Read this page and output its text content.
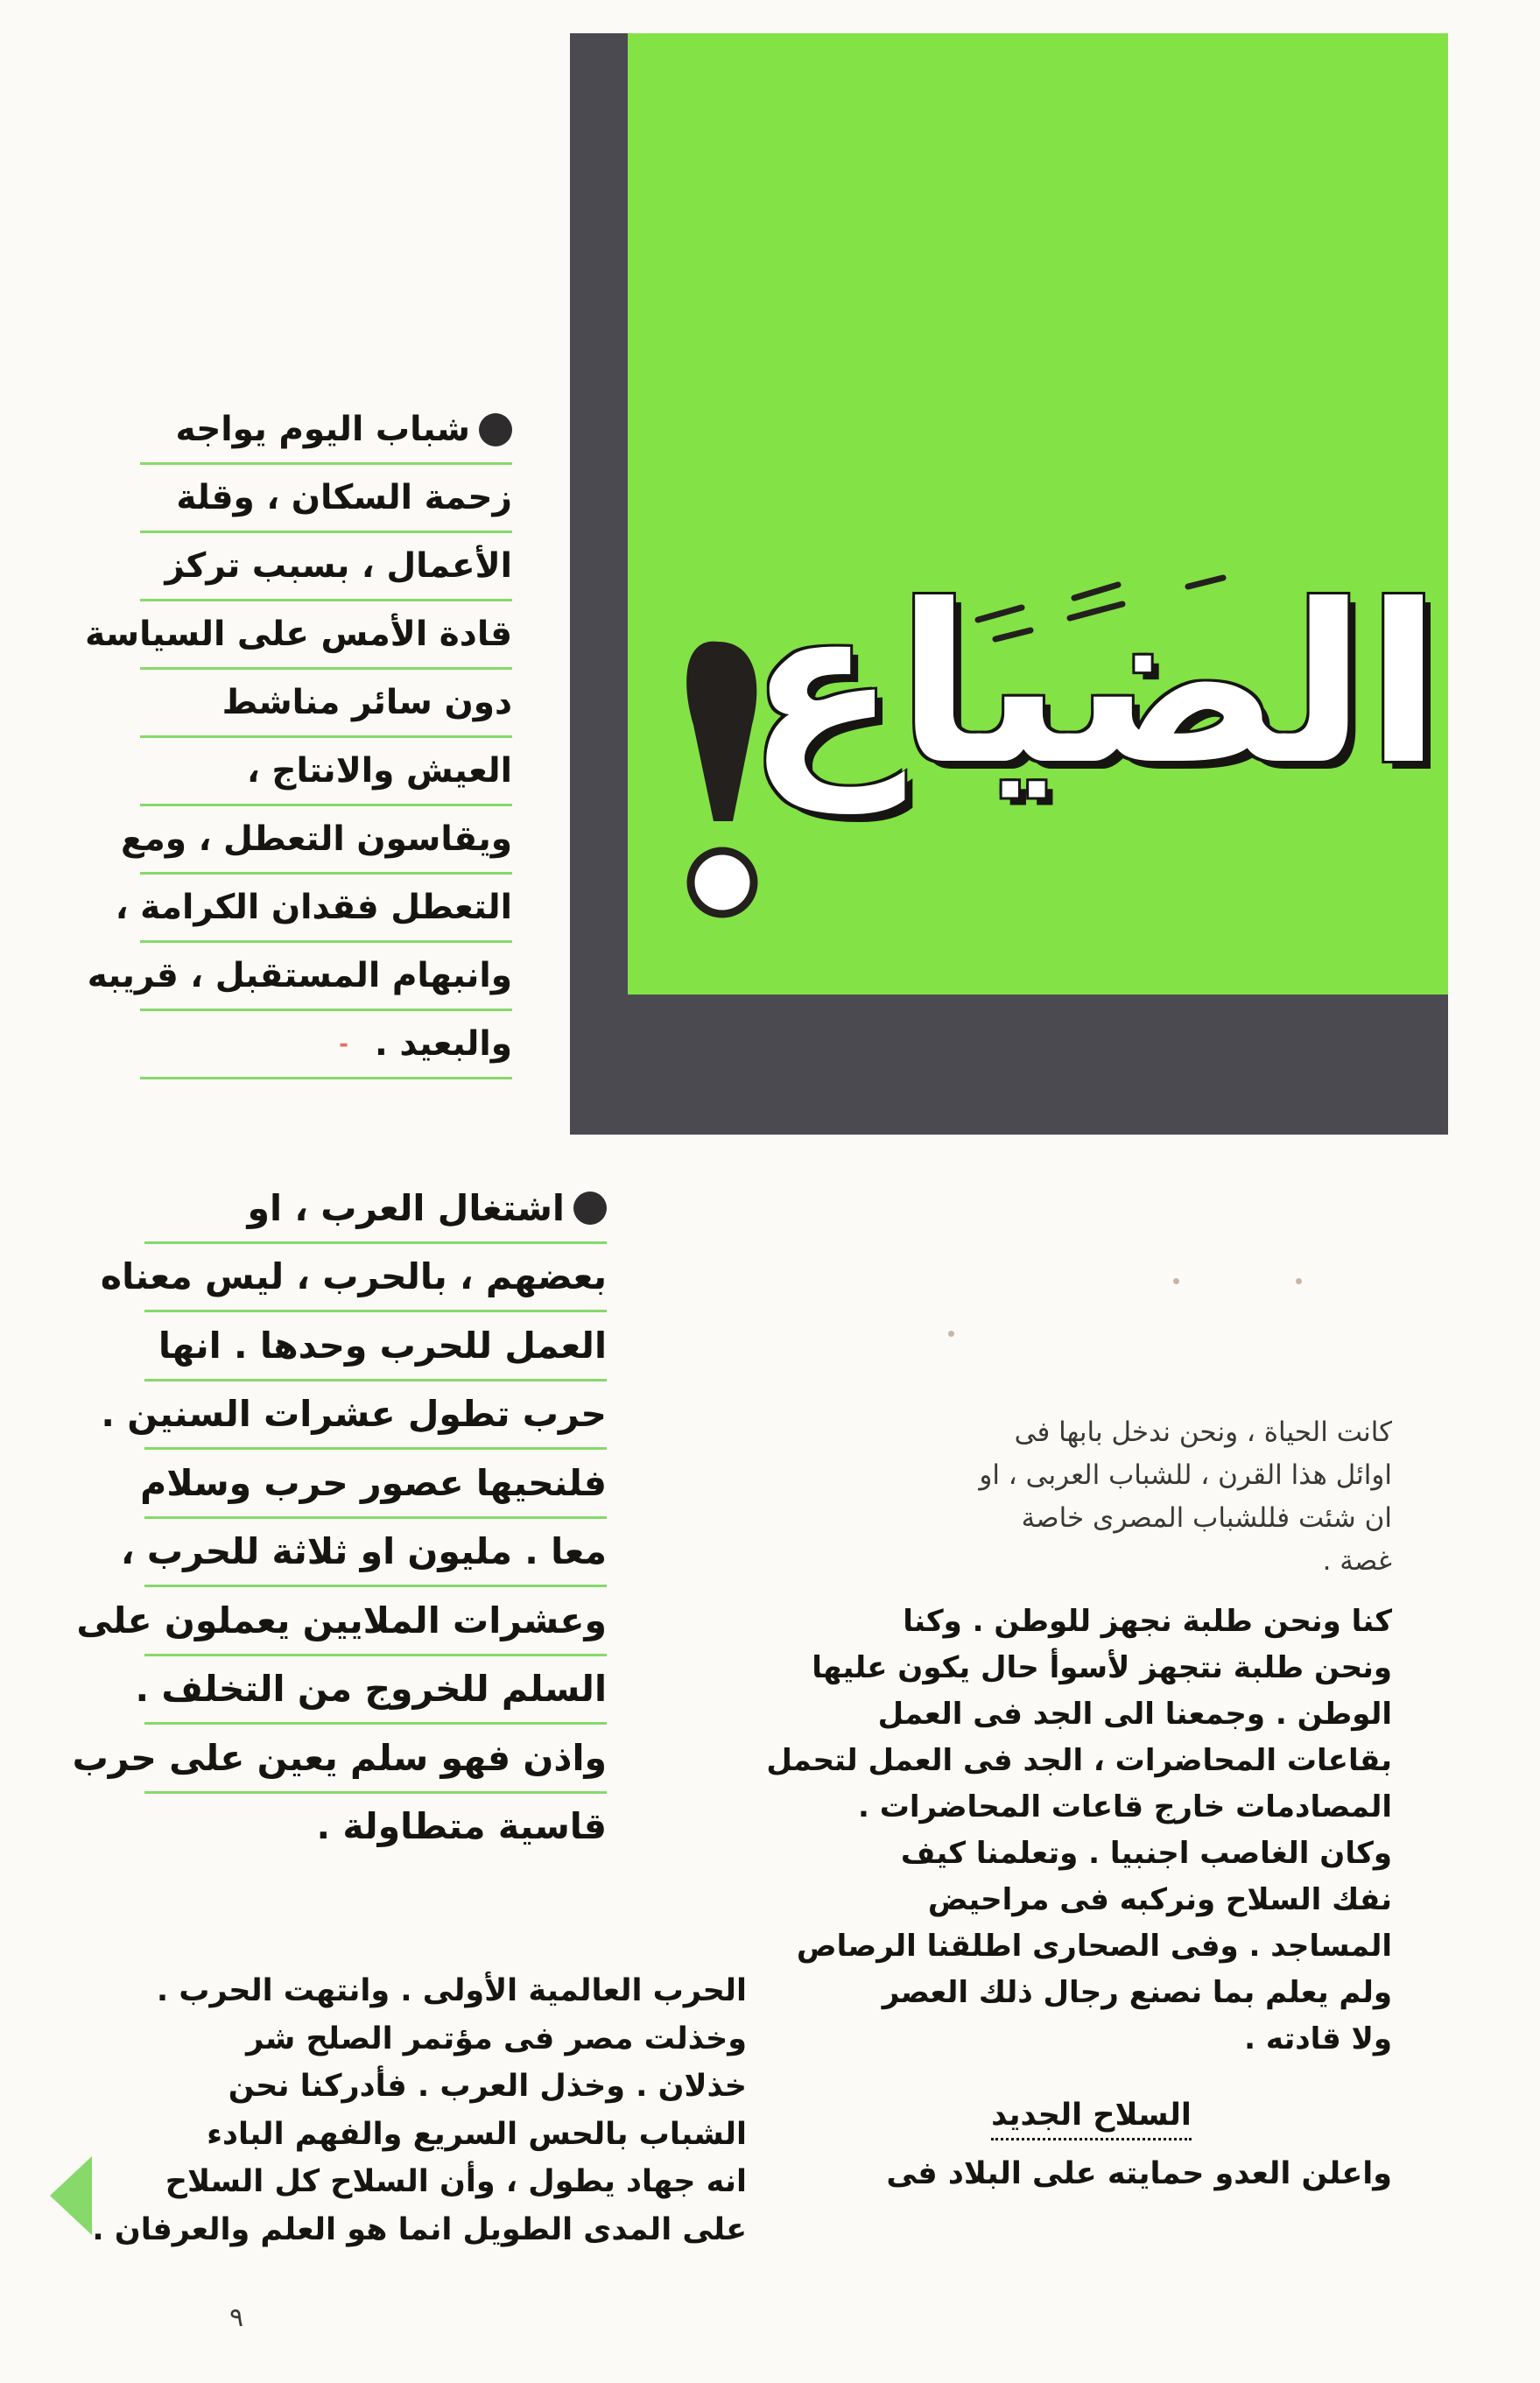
الضياع
شباب اليوم يواجه
زحمة السكان ، وقلة
الأعمال ، بسبب تركز
قادة الأمس على السياسة
دون سائر مناشط
العيش والانتاج ،
ويقاسون التعطل ، ومع
التعطل فقدان الكرامة ،
وانبهام المستقبل ، قريبه
والبعيد .
-
اشتغال العرب ، او
بعضهم ، بالحرب ، ليس معناه
العمل للحرب وحدها . انها
حرب تطول عشرات السنين .
فلنحيها عصور حرب وسلام
معا . مليون او ثلاثة للحرب ،
وعشرات الملايين يعملون على
السلم للخروج من التخلف .
واذن فهو سلم يعين على حرب
قاسية متطاولة .

كانت الحياة ، ونحن ندخل بابها فى
اوائل هذا القرن ، للشباب العربى ، او
ان شئت فللشباب المصرى خاصة
غصة .

كنا ونحن طلبة نجهز للوطن . وكنا
ونحن طلبة نتجهز لأسوأ حال يكون عليها
الوطن . وجمعنا الى الجد فى العمل
بقاعات المحاضرات ، الجد فى العمل لتحمل
المصادمات خارج قاعات المحاضرات .
وكان الغاصب اجنبيا . وتعلمنا كيف
نفك السلاح ونركبه فى مراحيض
المساجد . وفى الصحارى اطلقنا الرصاص
ولم يعلم بما نصنع رجال ذلك العصر
ولا قادته .

السلاح الجديد
واعلن العدو حمايته على البلاد فى

الحرب العالمية الأولى . وانتهت الحرب .
وخذلت مصر فى مؤتمر الصلح شر
خذلان . وخذل العرب . فأدركنا نحن
الشباب بالحس السريع والفهم البادء
انه جهاد يطول ، وأن السلاح كل السلاح
على المدى الطويل انما هو العلم والعرفان .

٩
